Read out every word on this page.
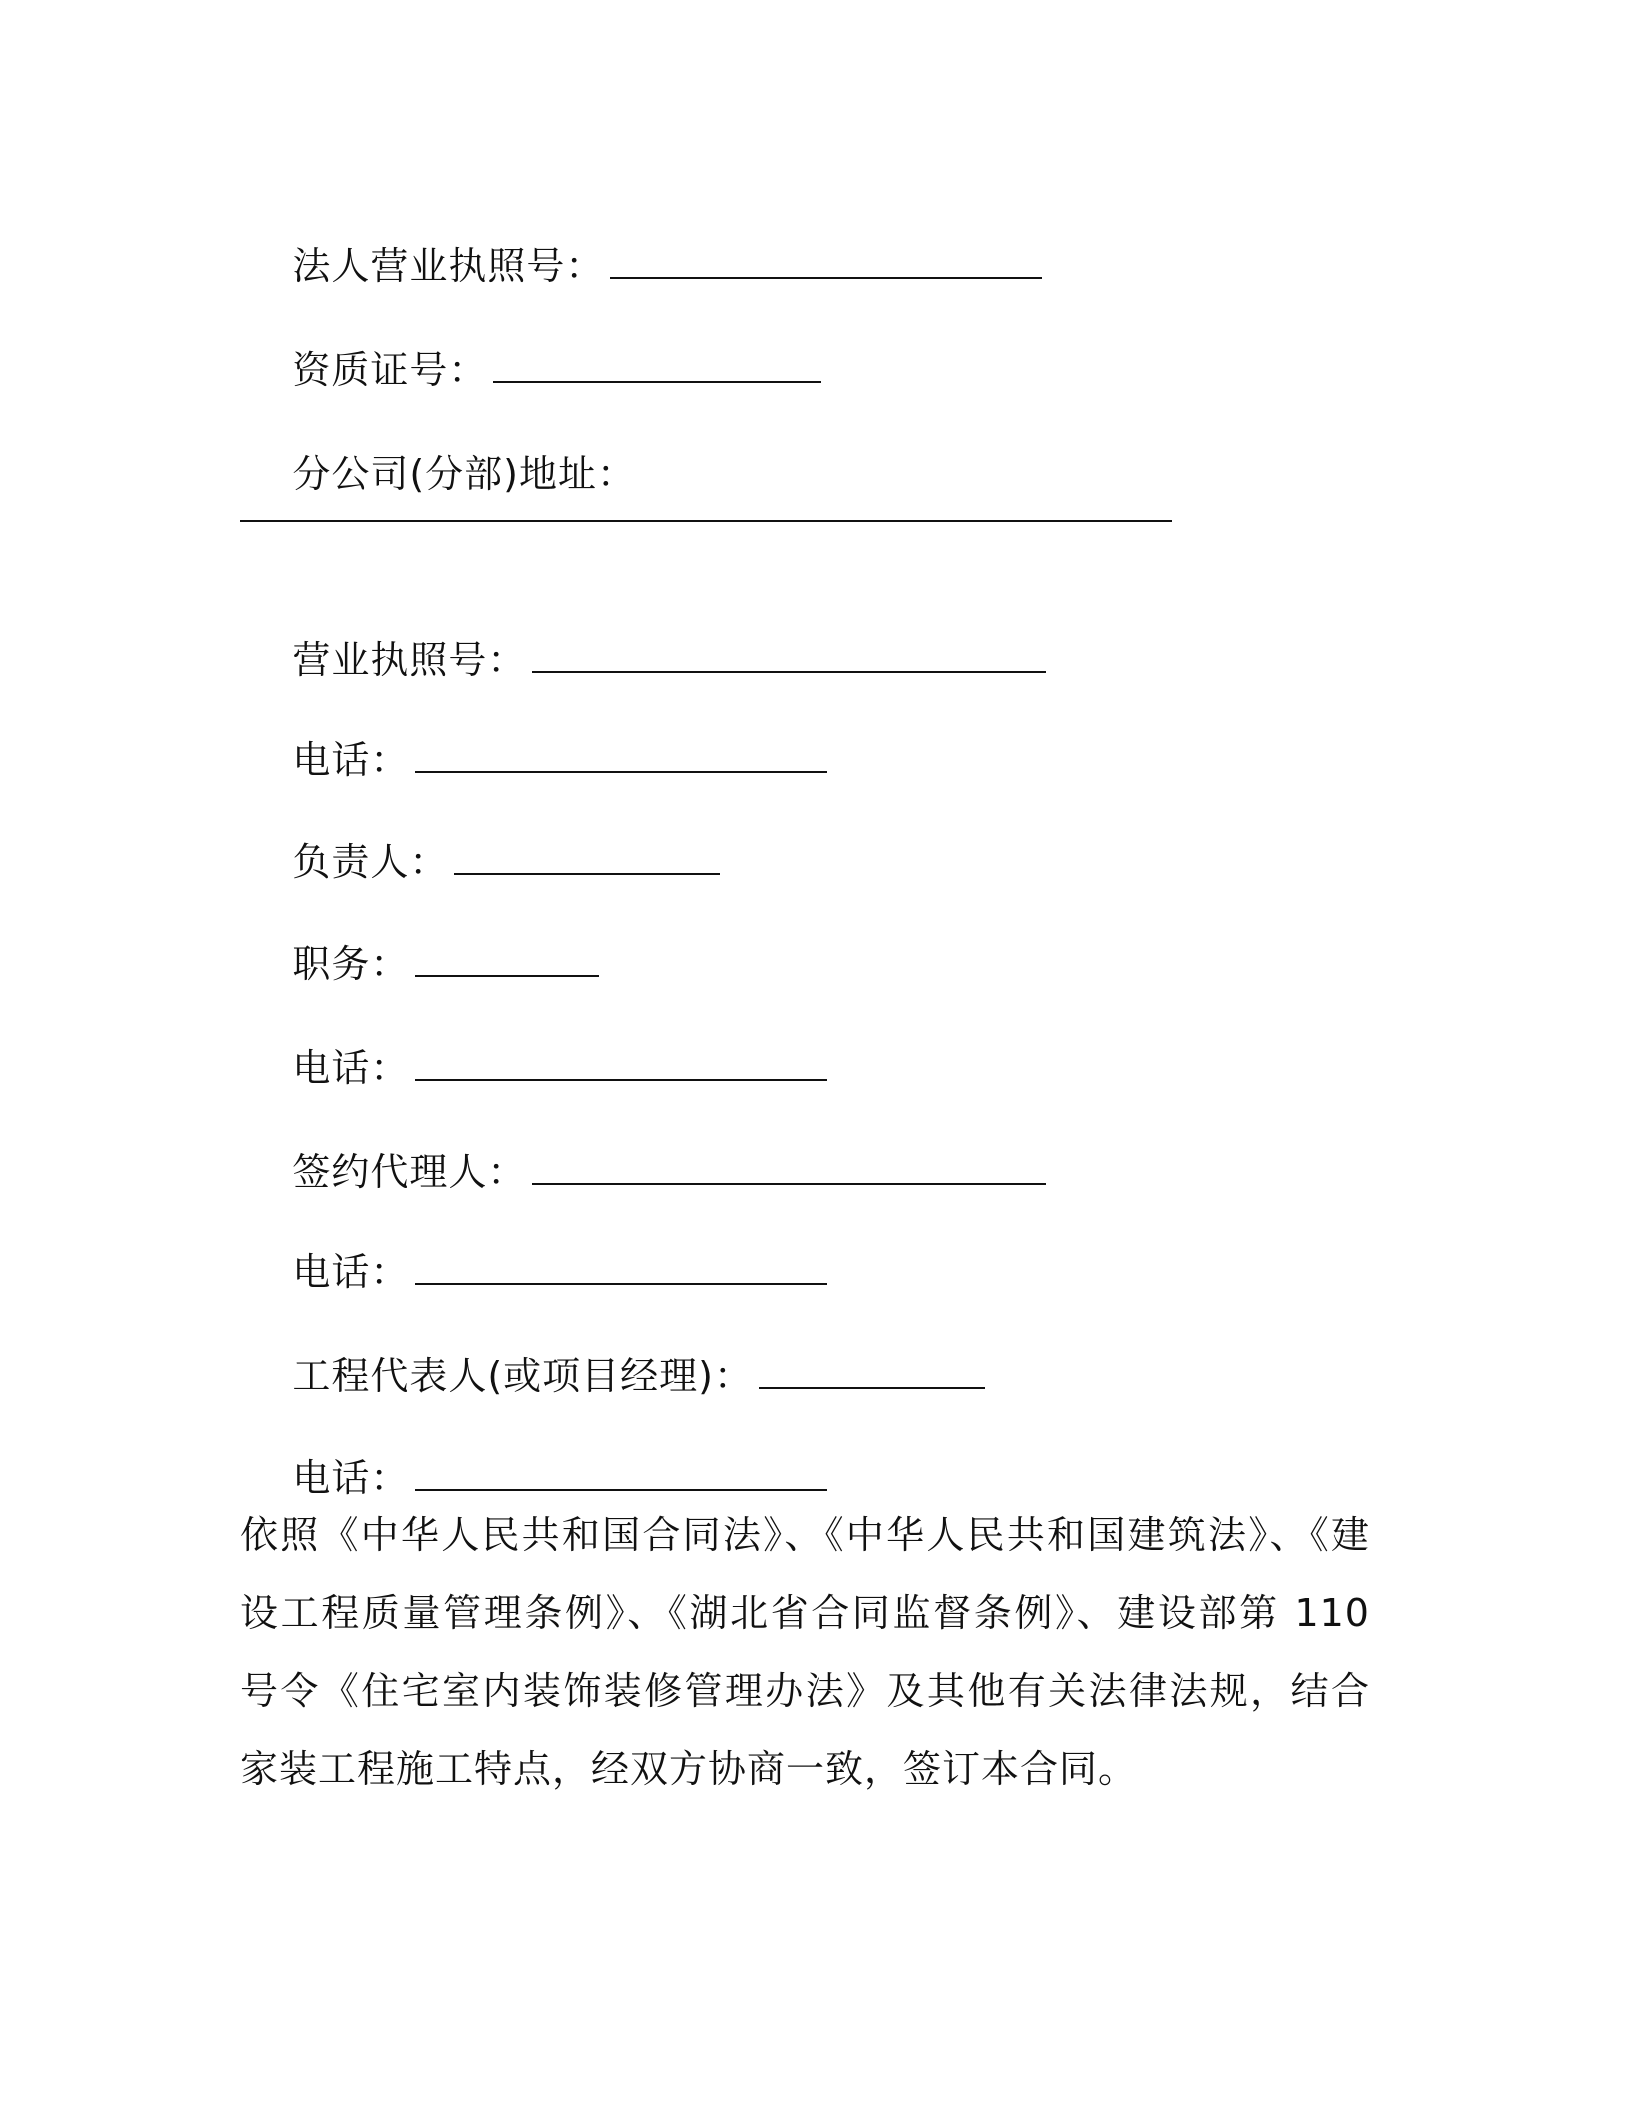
法人营业执照号：

资质证号：

分公司(分部)地址：

营业执照号：

电话：

负责人：

职务：

电话：

签约代理人：

电话：

工程代表人(或项目经理)：

电话：

依照《中华人民共和国合同法》、《中华人民共和国建筑法》、《建设工程质量管理条例》、《湖北省合同监督条例》、建设部第 110 号令《住宅室内装饰装修管理办法》及其他有关法律法规，结合家装工程施工特点，经双方协商一致，签订本合同。
